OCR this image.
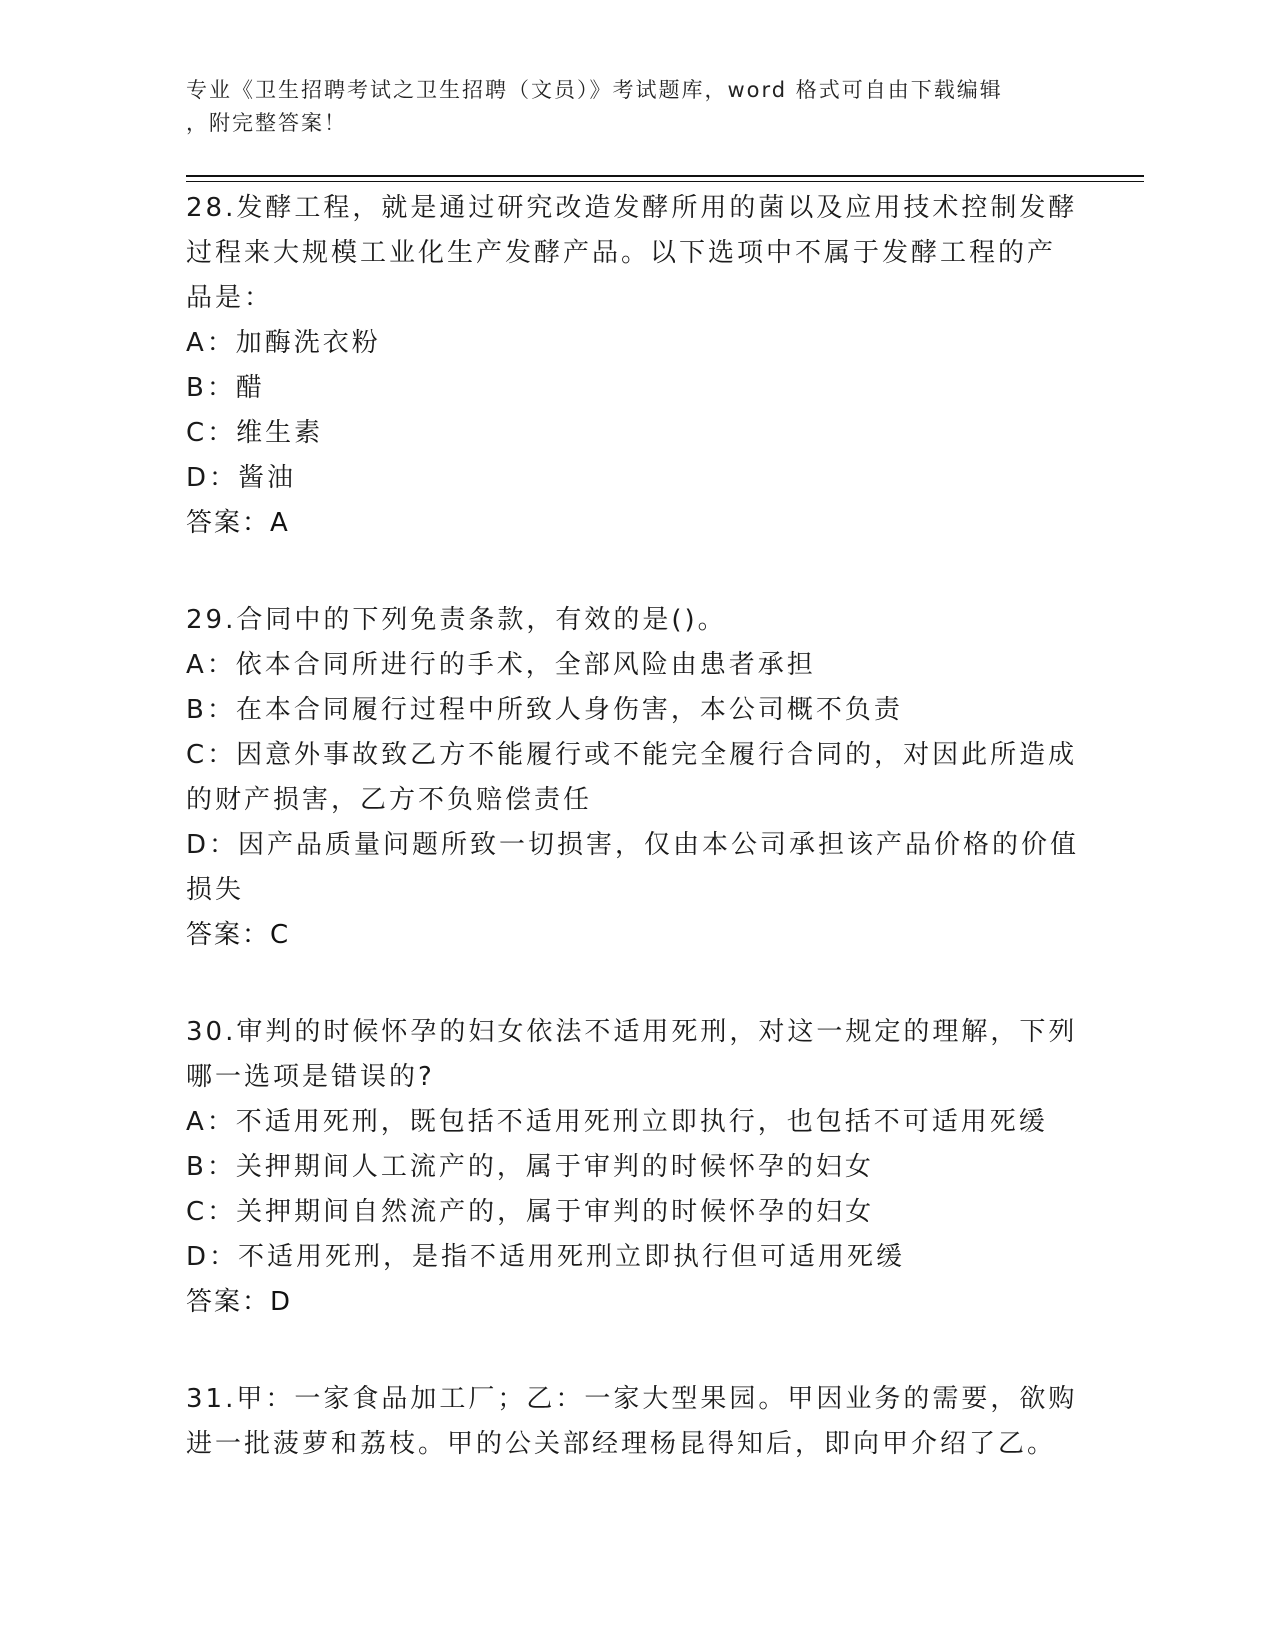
专业《卫生招聘考试之卫生招聘（文员）》考试题库，word 格式可自由下载编辑
，附完整答案！
28.发酵工程，就是通过研究改造发酵所用的菌以及应用技术控制发酵
过程来大规模工业化生产发酵产品。以下选项中不属于发酵工程的产
品是：
A：加酶洗衣粉
B：醋
C：维生素
D：酱油
答案：A
29.合同中的下列免责条款，有效的是()。
A：依本合同所进行的手术，全部风险由患者承担
B：在本合同履行过程中所致人身伤害，本公司概不负责
C：因意外事故致乙方不能履行或不能完全履行合同的，对因此所造成
的财产损害，乙方不负赔偿责任
D：因产品质量问题所致一切损害，仅由本公司承担该产品价格的价值
损失
答案：C
30.审判的时候怀孕的妇女依法不适用死刑，对这一规定的理解，下列
哪一选项是错误的?
A：不适用死刑，既包括不适用死刑立即执行，也包括不可适用死缓
B：关押期间人工流产的，属于审判的时候怀孕的妇女
C：关押期间自然流产的，属于审判的时候怀孕的妇女
D：不适用死刑，是指不适用死刑立即执行但可适用死缓
答案：D
31.甲：一家食品加工厂；乙：一家大型果园。甲因业务的需要，欲购
进一批菠萝和荔枝。甲的公关部经理杨昆得知后，即向甲介绍了乙。
